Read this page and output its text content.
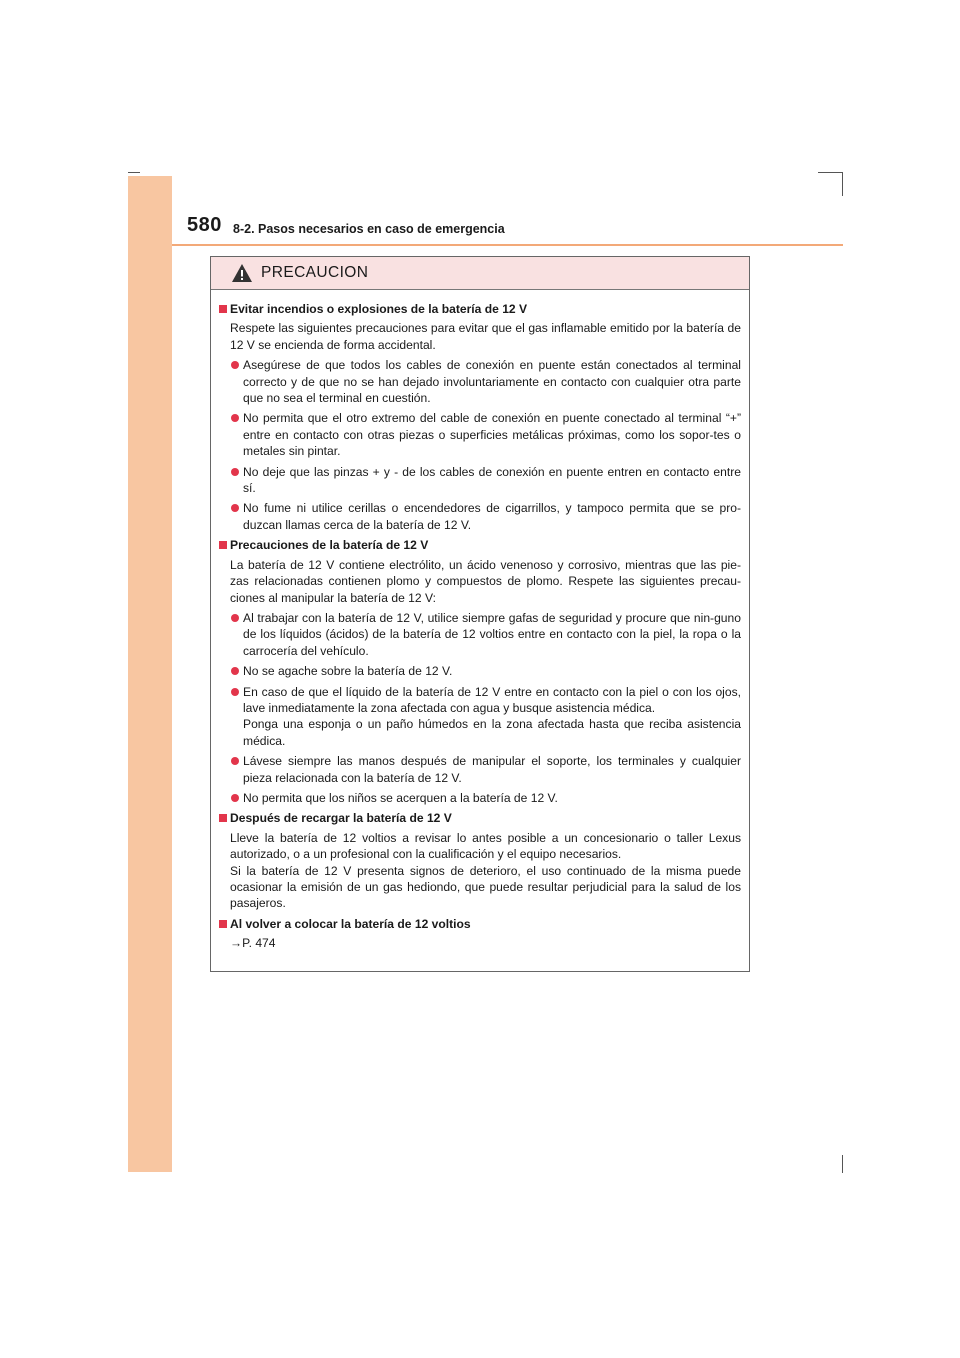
580 8-2. Pasos necesarios en caso de emergencia
PRECAUCION
Evitar incendios o explosiones de la batería de 12 V
Respete las siguientes precauciones para evitar que el gas inflamable emitido por la batería de 12 V se encienda de forma accidental.
Asegúrese de que todos los cables de conexión en puente están conectados al terminal correcto y de que no se han dejado involuntariamente en contacto con cualquier otra parte que no sea el terminal en cuestión.
No permita que el otro extremo del cable de conexión en puente conectado al terminal “+” entre en contacto con otras piezas o superficies metálicas próximas, como los sopor-tes o metales sin pintar.
No deje que las pinzas + y - de los cables de conexión en puente entren en contacto entre sí.
No fume ni utilice cerillas o encendedores de cigarrillos, y tampoco permita que se pro-duzcan llamas cerca de la batería de 12 V.
Precauciones de la batería de 12 V
La batería de 12 V contiene electrólito, un ácido venenoso y corrosivo, mientras que las pie-zas relacionadas contienen plomo y compuestos de plomo. Respete las siguientes precau-ciones al manipular la batería de 12 V:
Al trabajar con la batería de 12 V, utilice siempre gafas de seguridad y procure que nin-guno de los líquidos (ácidos) de la batería de 12 voltios entre en contacto con la piel, la ropa o la carrocería del vehículo.
No se agache sobre la batería de 12 V.
En caso de que el líquido de la batería de 12 V entre en contacto con la piel o con los ojos, lave inmediatamente la zona afectada con agua y busque asistencia médica.
Ponga una esponja o un paño húmedos en la zona afectada hasta que reciba asistencia médica.
Lávese siempre las manos después de manipular el soporte, los terminales y cualquier pieza relacionada con la batería de 12 V.
No permita que los niños se acerquen a la batería de 12 V.
Después de recargar la batería de 12 V
Lleve la batería de 12 voltios a revisar lo antes posible a un concesionario o taller Lexus autorizado, o a un profesional con la cualificación y el equipo necesarios.
Si la batería de 12 V presenta signos de deterioro, el uso continuado de la misma puede ocasionar la emisión de un gas hediondo, que puede resultar perjudicial para la salud de los pasajeros.
Al volver a colocar la batería de 12 voltios
→P. 474
